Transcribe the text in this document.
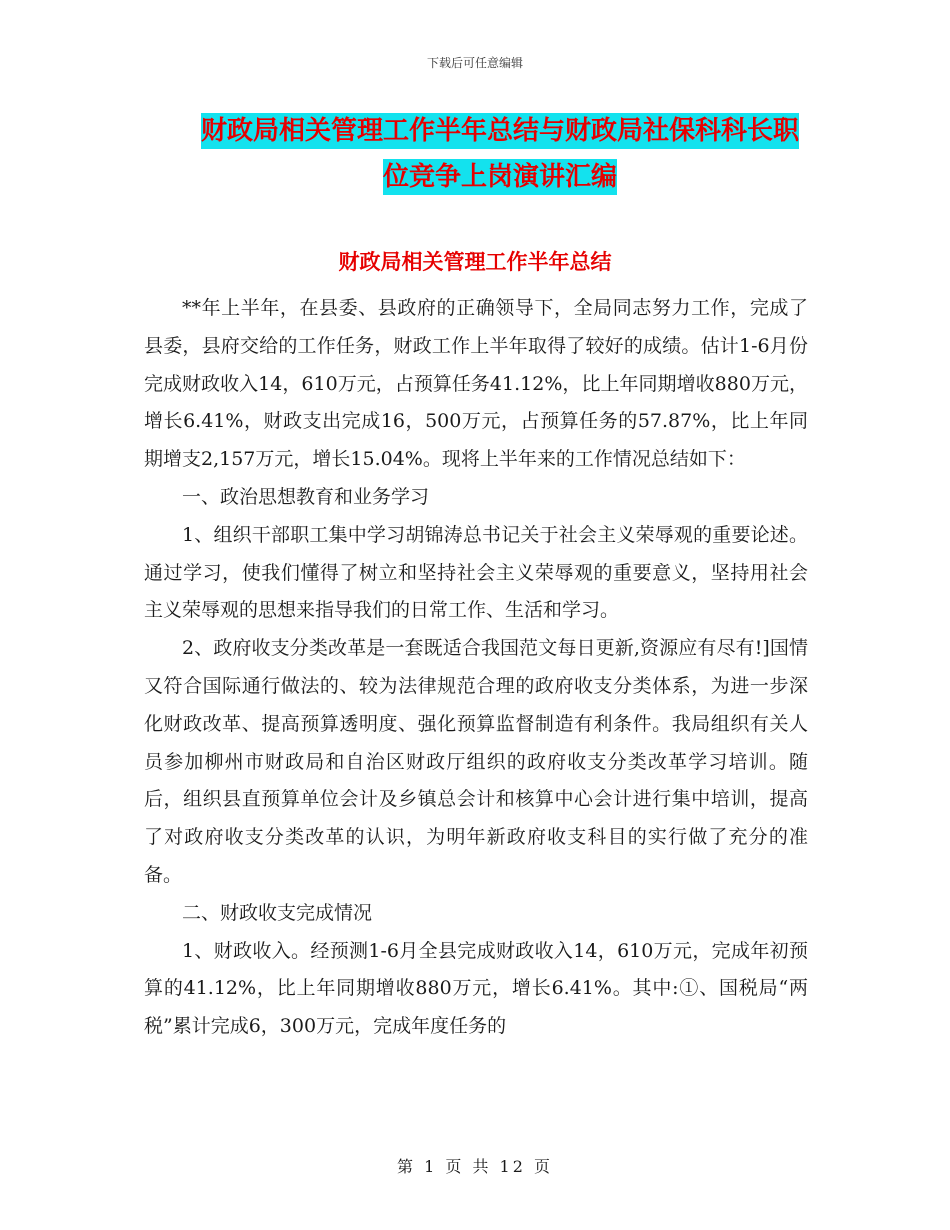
下载后可任意编辑
财政局相关管理工作半年总结与财政局社保科科长职
位竞争上岗演讲汇编
财政局相关管理工作半年总结

**年上半年，在县委、县政府的正确领导下，全局同志努力工作，完成了县委，县府交给的工作任务，财政工作上半年取得了较好的成绩。估计1-6月份完成财政收入14，610万元，占预算任务41.12%，比上年同期增收880万元，增长6.41%，财政支出完成16，500万元，占预算任务的57.87%，比上年同期增支2,157万元，增长15.04%。现将上半年来的工作情况总结如下：

一、政治思想教育和业务学习

1、组织干部职工集中学习胡锦涛总书记关于社会主义荣辱观的重要论述。通过学习，使我们懂得了树立和坚持社会主义荣辱观的重要意义，坚持用社会主义荣辱观的思想来指导我们的日常工作、生活和学习。

2、政府收支分类改革是一套既适合我国范文每日更新,资源应有尽有!]国情又符合国际通行做法的、较为法律规范合理的政府收支分类体系，为进一步深化财政改革、提高预算透明度、强化预算监督制造有利条件。我局组织有关人员参加柳州市财政局和自治区财政厅组织的政府收支分类改革学习培训。随后，组织县直预算单位会计及乡镇总会计和核算中心会计进行集中培训，提高了对政府收支分类改革的认识，为明年新政府收支科目的实行做了充分的准备。

二、财政收支完成情况

1、财政收入。经预测1-6月全县完成财政收入14，610万元，完成年初预算的41.12%，比上年同期增收880万元，增长6.41%。其中:①、国税局“两税”累计完成6，300万元，完成年度任务的

第 1 页 共 12 页
